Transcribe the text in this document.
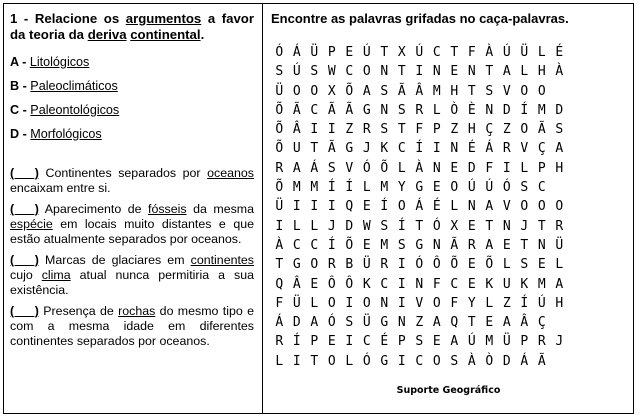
1 - Relacione os argumentos a favor da teoria da deriva continental.
A - Litológicos
B - Paleoclimáticos
C - Paleontológicos
D - Morfológicos
(___) Continentes separados por oceanos encaixam entre si.
(___) Aparecimento de fósseis da mesma espécie em locais muito distantes e que estão atualmente separados por oceanos.
(___) Marcas de glaciares em continentes cujo clima atual nunca permitiria a sua existência.
(___) Presença de rochas do mesmo tipo e com a mesma idade em diferentes continentes separados por oceanos.
Encontre as palavras grifadas no caça-palavras.
Ó Á Ü P E Ú T X Ú C T F À Ú Ü L É
S Ú S W C O N T I N E N T A L H À
Ü O O X Õ A S Ã Â M H T S V O O
Õ Ã C Ã Ã G N S R L Ò È N D Í M D
Õ Â I I Z R S T F P Z H Ç Z O Ã S
Õ U T Ã G J K C Í I N É Á R V Ç A
R A Á S V Ó Õ L À N E D F I L P H
Õ M M Í Í L M Y G E O Ú Ú Ó S C
Ü I I I Q E Í O Á É L N A V O O O
I L L J D W S Í T Ó X E T N J T R
À C C Í Õ E M S G N Ã R A E T N Ü
T G O R B Ü R I Ó Ô Õ E Õ L S E L
Q Â E Ô Ô K C I N F C E K U K M A
F Ü L O I O N I V O F Y L Z Í Ú H
Á D A Ó S Ü G N Z A Q T E A Â Ç
R Í P E I C É P S E A Ú M Ü P R J
L I T O L Ó G I C O S À Ò D Á Ã
Suporte Geográfico
